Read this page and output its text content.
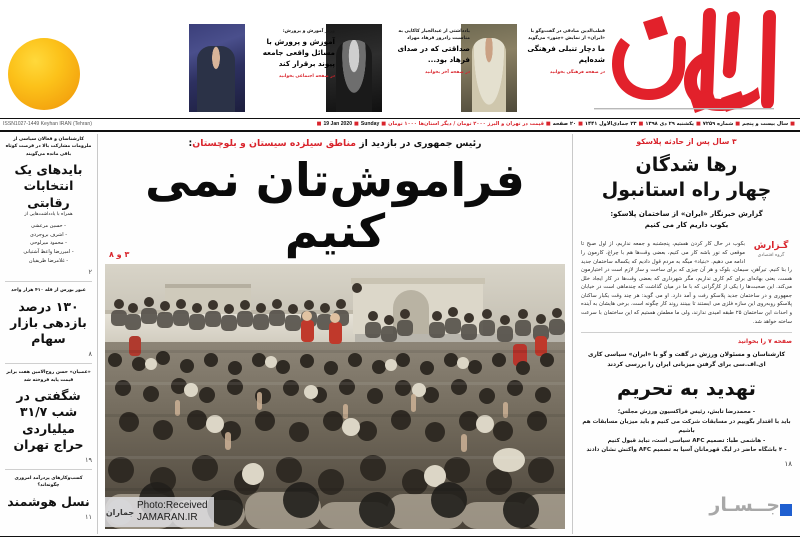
قطب‌الدین صادقی در گفت‌وگو با «ایران» از نمایش «چنور» می‌گوید
ما دچار تنبلی فرهنگی شده‌ایم
در صفحه فرهنگی بخوانید
یادداشتی از عبدالجبار کاکایی به مناسبت زادروز فرهاد مهراد
صداقتی که در صدای فرهاد بود...
در صفحه آخر بخوانید
وزیر آموزش و پرورش:
آموزش و پرورش با مسائل واقعی جامعه پیوند برقرار کند
در صفحه اجتماعی بخوانید
■
سال بیست و پنجم
■
شماره ۷۲۵۹
■
یکشنبه ۲۹ دی ۱۳۹۸
■
۲۳ جمادی‌الاول ۱۴۴۱
■
۲۰ صفحه
■
قیمت در تهران و البرز ۲۰۰۰ تومان / دیگر استان‌ها ۱۰۰۰ تومان
■
Sunday
■
19 Jan 2020
■
ISSN1027-1449 Keyhan IRAN (Tehran)
۳ سال پس از حادثه پلاسکو
رها شدگان
چهار راه استانبول
گزارش خبرنگار «ایران» از ساختمان پلاسکو:
بکوب داریم کار می کنیم
گـزارش
گروه اقتصادی
بکوب در حال کار کردن هستیم، پنجشنبه و جمعه نداریم، از اول صبح تا موقعی که نور باشه کار می کنیم، بعضی وقت‌ها هم با چراغ، کارمون را ادامه می دهیم. «بنیاد» میگه به مردم قول دادیم که یکساله ساختمان جدید را بنا کنیم. تیرآهن، سیمان، بلوک و هر آن چیزی که برای ساخت و ساز لازم است در اختیارمون هست، یعنی بهانه‌ای برای کم کاری نداریم، مگر شهرداری که بعضی وقت‌ها در کار ایجاد خلل می‌کند. این صحبت‌ها را یکی از کارگرانی که با ما در میان گذاشت که چندماهی است در خیابان جمهوری و در ساختمان جدید پلاسکو رفت و آمد دارد. او می گوید: هر چند وقت یکبار ساکنان پلاسکو روبه‌روی این سازه فلزی می ایستند تا ببینند روند کار چگونه است. برخی هایشان به آینده و احداث این ساختمان ۲۵ طبقه امیدی ندارند، ولی ما مطمئن هستیم که این ساختمان با سرعت ساخته خواهد شد.
صفحه ۷ را بخوانید
کارشناسان و مسئولان ورزش در گفت و گو با «ایران» سیاسی کاری
ای.اف.سی برای گرفتن میزبانی ایران را بررسی کردند
تهدید به تحریم
- محمدرضا تابش، رئیس فراکسیون ورزش مجلس؛
باید با اقتدار بگوییم در مسابقات شرکت می کنیم و باید میزبان مسابقات هم باشیم
- هاشمی طبا: تصمیم AFC سیاسی است، نباید قبول کنیم
- ۴ باشگاه حاضر در لیگ قهرمانان آسیا به تصمیم AFC واکنش نشان دادند
۱۸
جــسـار
رئیس جمهوری در بازدید از مناطق سیلزده سیستان و بلوچستان:
فراموش‌تان نمی کنیم
۳ و ۸
جماران
Photo:Received
JAMARAN.IR
کارشناسان و فعالان سیاسی از ملزومات مشارکت بالا در فرصت کوتاه باقی مانده می‌گویند
بایدهای یک انتخابات رقابتی
همراه با یادداشت‌هایی از
- حسین مرعشی
- اشرف بروجردی
- محمود میرلوحی
- امیررضا واعظ آشتیانی
- غلامرضا ظریفیان
۲
عبور بورس از قله ۴۱۰ هزار واحد
۱۳۰ درصد بازدهی بازار سهام
۸
«عصیان» حسن روح‌الامین هفت برابر قیمت پایه فروخته شد
شگفتی در شب ۳۱/۷ میلیاردی حراج تهران
۱۹
کسب‌وکارهای پردرآمد امروزی چگونه‌اند؟
نسل هوشمند
۱۱
